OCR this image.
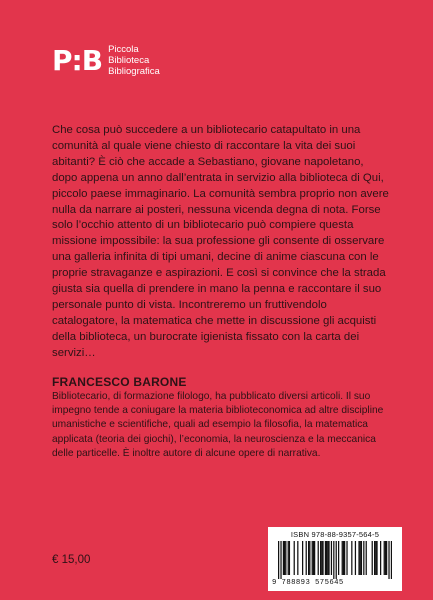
P:B Piccola
Biblioteca
Bibliografica

Che cosa può succedere a un bibliotecario catapultato in una comunità al quale viene chiesto di raccontare la vita dei suoi abitanti? È ciò che accade a Sebastiano, giovane napoletano, dopo appena un anno dall’entrata in servizio alla biblioteca di Qui, piccolo paese immaginario. La comunità sembra proprio non avere nulla da narrare ai posteri, nessuna vicenda degna di nota. Forse solo l’occhio attento di un bibliotecario può compiere questa missione impossibile: la sua professione gli consente di osservare una galleria infinita di tipi umani, decine di anime ciascuna con le proprie stravaganze e aspirazioni. E così si convince che la strada giusta sia quella di prendere in mano la penna e raccontare il suo personale punto di vista. Incontreremo un fruttivendolo catalogatore, la matematica che mette in discussione gli acquisti della biblioteca, un burocrate igienista fissato con la carta dei servizi…

FRANCESCO BARONE

Bibliotecario, di formazione filologo, ha pubblicato diversi articoli. Il suo impegno tende a coniugare la materia biblioteconomica ad altre discipline umanistiche e scientifiche, quali ad esempio la filosofia, la matematica applicata (teoria dei giochi), l’economia, la neuroscienza e la meccanica delle particelle. È inoltre autore di alcune opere di narrativa.

€ 15,00
ISBN 978-88-9357-564-5
9 788893 575645
